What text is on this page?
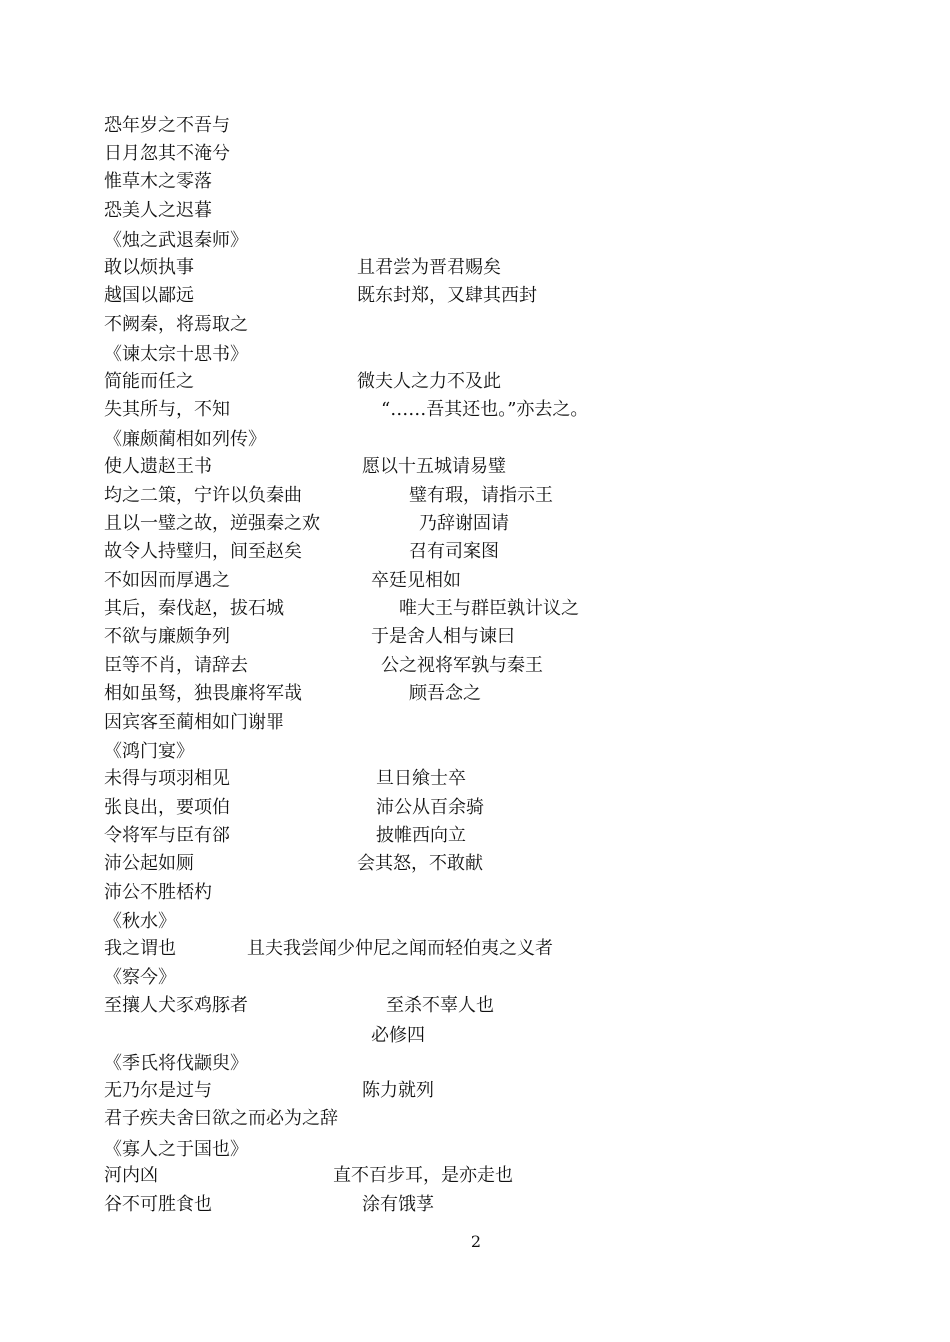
恐年岁之不吾与
日月忽其不淹兮
惟草木之零落
恐美人之迟暮
《烛之武退秦师》
敢以烦执事	且君尝为晋君赐矣
越国以鄙远	既东封郑，又肆其西封
不阙秦，将焉取之
《谏太宗十思书》
简能而任之	微夫人之力不及此
失其所与，不知	“……吾其还也。”亦去之。
《廉颇蔺相如列传》
使人遗赵王书	愿以十五城请易璧
均之二策，宁许以负秦曲	璧有瑕，请指示王
且以一璧之故，逆强秦之欢	乃辞谢固请
故令人持璧归，间至赵矣	召有司案图
不如因而厚遇之	卒廷见相如
其后，秦伐赵，拔石城	唯大王与群臣孰计议之
不欲与廉颇争列	于是舍人相与谏曰
臣等不肖，请辞去	公之视将军孰与秦王
相如虽驽，独畏廉将军哉	顾吾念之
因宾客至蔺相如门谢罪
《鸿门宴》
未得与项羽相见	旦日飨士卒
张良出，要项伯	沛公从百余骑
令将军与臣有郤	披帷西向立
沛公起如厕	会其怒，不敢献
沛公不胜桮杓
《秋水》
我之谓也	且夫我尝闻少仲尼之闻而轻伯夷之义者
《察今》
至攘人犬豕鸡豚者	至杀不辜人也
必修四
《季氏将伐颛臾》
无乃尔是过与	陈力就列
君子疾夫舍曰欲之而必为之辞
《寡人之于国也》
河内凶	直不百步耳，是亦走也
谷不可胜食也	涂有饿莩
2
